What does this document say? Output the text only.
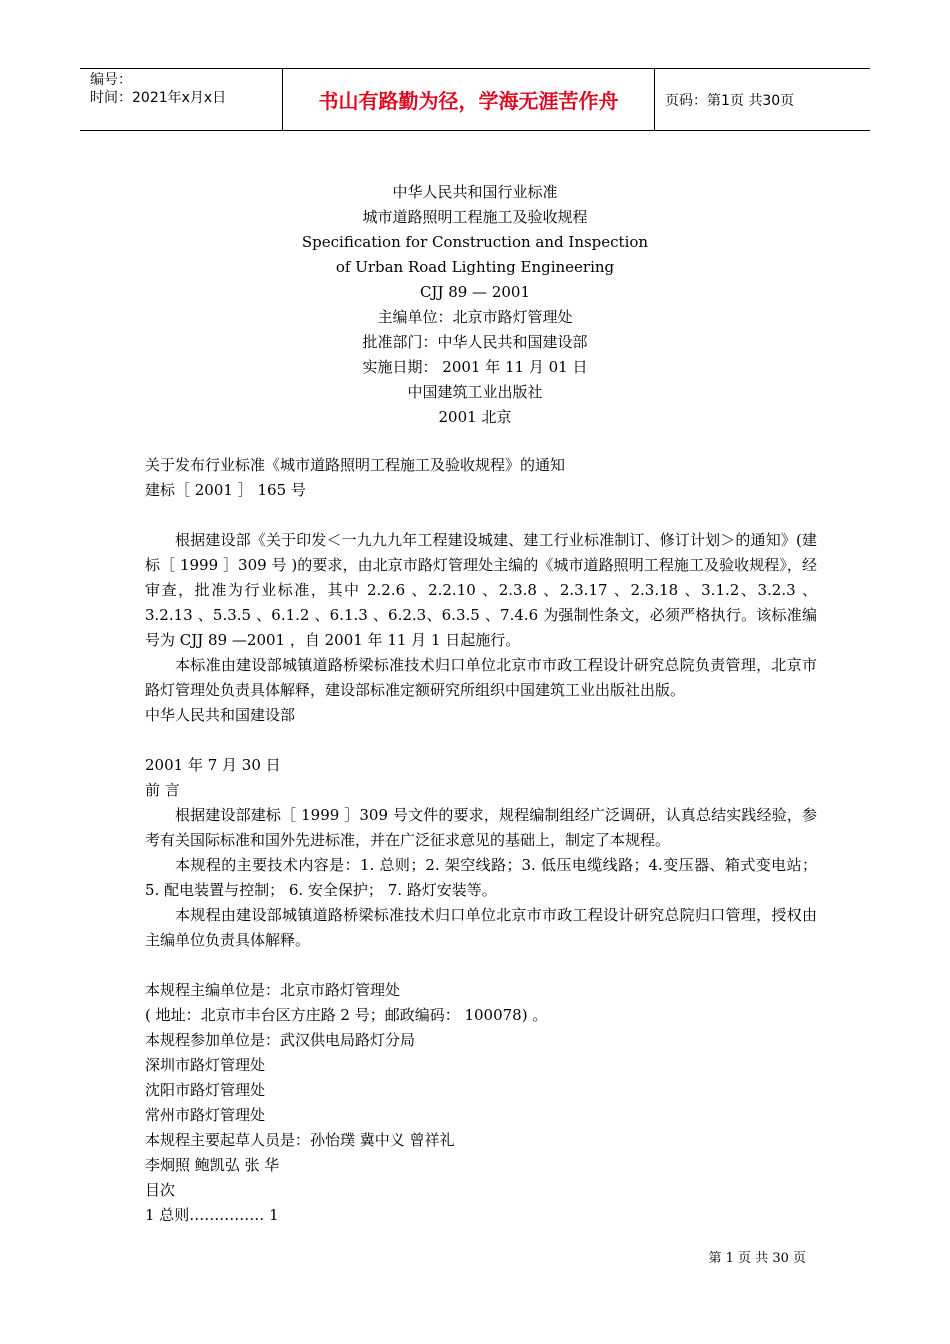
编号：
时间：2021年x月x日	书山有路勤为径，学海无涯苦作舟	页码：第1页 共30页
中华人民共和国行业标准
城市道路照明工程施工及验收规程
Specification for Construction and Inspection
of Urban Road Lighting Engineering
CJJ 89 — 2001
主编单位：北京市路灯管理处
批准部门：中华人民共和国建设部
实施日期： 2001 年 11 月 01 日
中国建筑工业出版社
2001 北京
关于发布行业标准《城市道路照明工程施工及验收规程》的通知
建标［ 2001 ］ 165 号

根据建设部《关于印发＜一九九九年工程建设城建、建工行业标准制订、修订计划＞的通知》(建标［ 1999 ］309 号 )的要求，由北京市路灯管理处主编的《城市道路照明工程施工及验收规程》，经审查，批准为行业标准，其中 2.2.6 、2.2.10 、2.3.8 、2.3.17 、2.3.18 、3.1.2、3.2.3 、3.2.13 、5.3.5 、6.1.2 、6.1.3 、6.2.3、6.3.5 、7.4.6 为强制性条文，必须严格执行。该标准编号为 CJJ 89 —2001 ，自 2001 年 11 月 1 日起施行。

本标准由建设部城镇道路桥梁标准技术归口单位北京市市政工程设计研究总院负责管理，北京市路灯管理处负责具体解释，建设部标准定额研究所组织中国建筑工业出版社出版。

中华人民共和国建设部
2001 年 7 月 30 日
前 言

根据建设部建标［ 1999 ］309 号文件的要求，规程编制组经广泛调研，认真总结实践经验，参考有关国际标准和国外先进标准，并在广泛征求意见的基础上，制定了本规程。

本规程的主要技术内容是：1. 总则；2. 架空线路；3. 低压电缆线路；4.变压器、箱式变电站； 5. 配电装置与控制； 6. 安全保护； 7. 路灯安装等。

本规程由建设部城镇道路桥梁标准技术归口单位北京市市政工程设计研究总院归口管理，授权由主编单位负责具体解释。

本规程主编单位是：北京市路灯管理处
( 地址：北京市丰台区方庄路 2 号；邮政编码： 100078) 。
本规程参加单位是：武汉供电局路灯分局
深圳市路灯管理处
沈阳市路灯管理处
常州市路灯管理处
本规程主要起草人员是：孙怡璞 冀中义 曾祥礼
李炯照 鲍凯弘 张 华
目次
1 总则…………… 1
第 1 页 共 30 页
